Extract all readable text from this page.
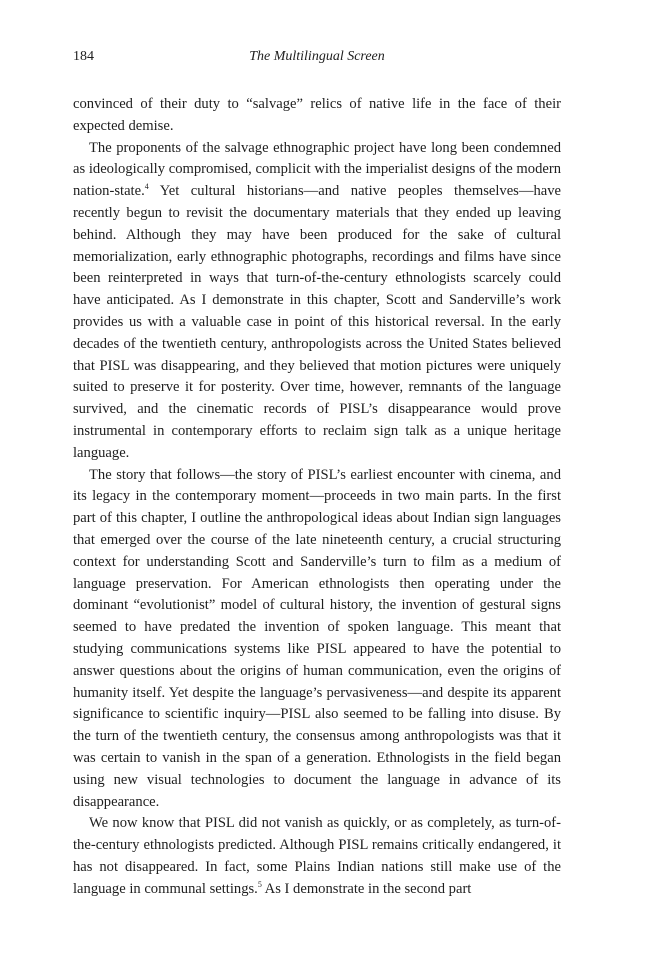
184	The Multilingual Screen

convinced of their duty to “salvage” relics of native life in the face of their expected demise.

The proponents of the salvage ethnographic project have long been condemned as ideologically compromised, complicit with the imperialist designs of the modern nation-state.$^4$ Yet cultural historians—and native peoples themselves—have recently begun to revisit the documentary materials that they ended up leaving behind. Although they may have been produced for the sake of cultural memorialization, early ethnographic photographs, recordings and films have since been reinterpreted in ways that turn-of-the-century ethnologists scarcely could have anticipated. As I demonstrate in this chapter, Scott and Sanderville’s work provides us with a valuable case in point of this historical reversal. In the early decades of the twentieth century, anthropologists across the United States believed that PISL was disappearing, and they believed that motion pictures were uniquely suited to preserve it for posterity. Over time, however, remnants of the language survived, and the cinematic records of PISL’s disappearance would prove instrumental in contemporary efforts to reclaim sign talk as a unique heritage language.

The story that follows—the story of PISL’s earliest encounter with cinema, and its legacy in the contemporary moment—proceeds in two main parts. In the first part of this chapter, I outline the anthropological ideas about Indian sign languages that emerged over the course of the late nineteenth century, a crucial structuring context for understanding Scott and Sanderville’s turn to film as a medium of language preservation. For American ethnologists then operating under the dominant “evolutionist” model of cultural history, the invention of gestural signs seemed to have predated the invention of spoken language. This meant that studying communications systems like PISL appeared to have the potential to answer questions about the origins of human communication, even the origins of humanity itself. Yet despite the language’s pervasiveness—and despite its apparent significance to scientific inquiry—PISL also seemed to be falling into disuse. By the turn of the twentieth century, the consensus among anthropologists was that it was certain to vanish in the span of a generation. Ethnologists in the field began using new visual technologies to document the language in advance of its disappearance.

We now know that PISL did not vanish as quickly, or as completely, as turn-of-the-century ethnologists predicted. Although PISL remains critically endangered, it has not disappeared. In fact, some Plains Indian nations still make use of the language in communal settings.$^5$ As I demonstrate in the second part
